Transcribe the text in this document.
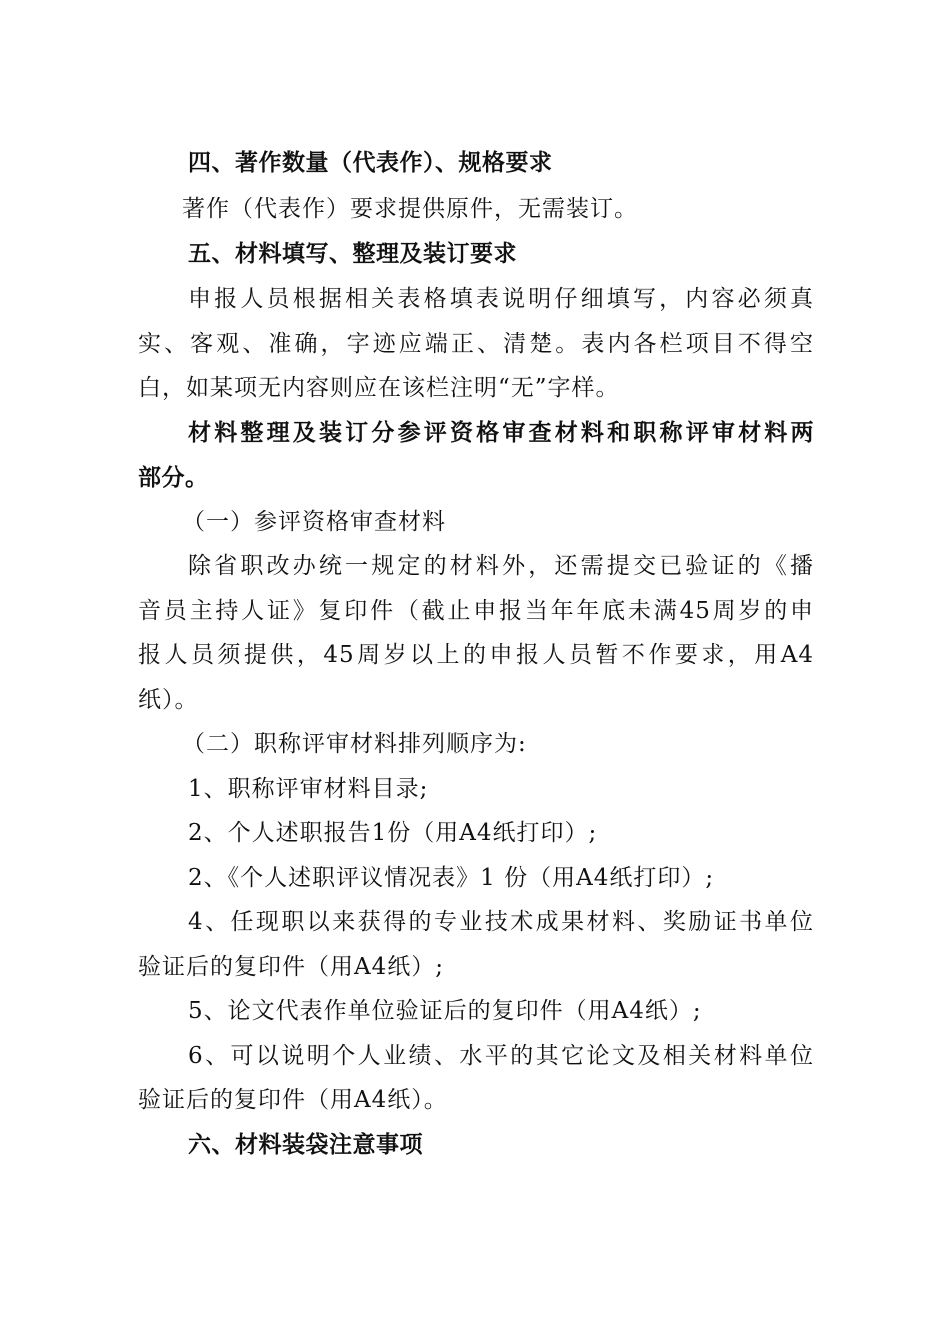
四、著作数量（代表作）、规格要求
著作（代表作）要求提供原件，无需装订。
五、材料填写、整理及装订要求
申报人员根据相关表格填表说明仔细填写，内容必须真
实、客观、准确，字迹应端正、清楚。表内各栏项目不得空
白，如某项无内容则应在该栏注明“无”字样。
材料整理及装订分参评资格审查材料和职称评审材料两
部分。
（一）参评资格审查材料
除省职改办统一规定的材料外，还需提交已验证的《播
音员主持人证》复印件（截止申报当年年底未满45周岁的申
报人员须提供，45周岁以上的申报人员暂不作要求，用A4
纸）。
（二）职称评审材料排列顺序为:
1、职称评审材料目录;
2、个人述职报告1份（用A4纸打印）;
2、《个人述职评议情况表》1 份（用A4纸打印）;
4、任现职以来获得的专业技术成果材料、奖励证书单位
验证后的复印件（用A4纸）;
5、论文代表作单位验证后的复印件（用A4纸）;
6、可以说明个人业绩、水平的其它论文及相关材料单位
验证后的复印件（用A4纸）。
六、材料装袋注意事项
